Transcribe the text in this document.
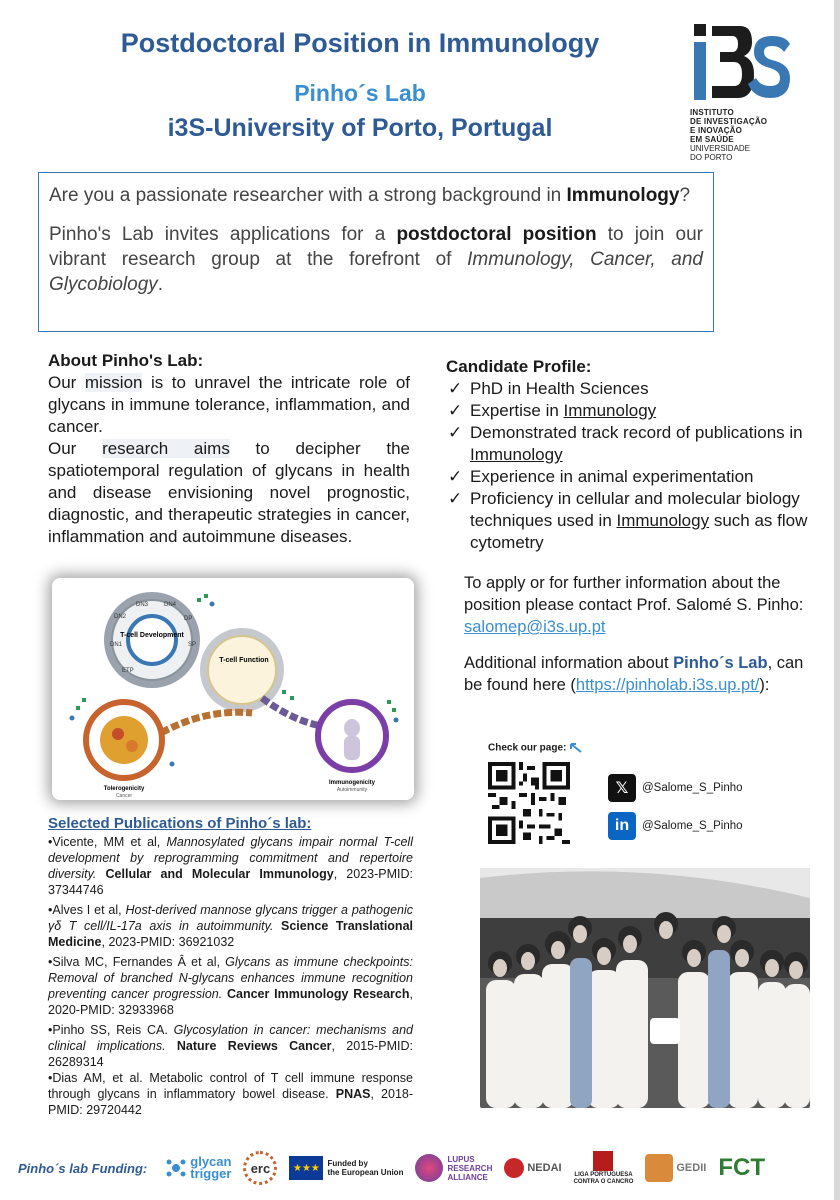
Postdoctoral Position in Immunology
Pinho´s Lab
i3S-University of Porto, Portugal
INSTITUTO
DE INVESTIGAÇÃO
E INOVAÇÃO
EM SAÚDE
UNIVERSIDADE
DO PORTO

Are you a passionate researcher with a strong background in Immunology?

Pinho's Lab invites applications for a postdoctoral position to join our vibrant research group at the forefront of Immunology, Cancer, and Glycobiology.

About Pinho's Lab:

Our mission is to unravel the intricate role of glycans in immune tolerance, inflammation, and cancer.

Our research aims to decipher the spatiotemporal regulation of glycans in health and disease envisioning novel prognostic, diagnostic, and therapeutic strategies in cancer, inflammation and autoimmune diseases.

T-cell Development
DN2
DN3	DN4
DP
SP
DN1
ETP
T-cell Function
Tolerogenicity
Cancer
Immunogenicity
Autoimmunity
Selected Publications of Pinho´s lab:

•Vicente, MM et al, Mannosylated glycans impair normal T-cell development by reprogramming commitment and repertoire diversity. Cellular and Molecular Immunology, 2023-PMID: 37344746

•Alves I et al, Host-derived mannose glycans trigger a pathogenic γδ T cell/IL-17a axis in autoimmunity. Science Translational Medicine, 2023-PMID: 36921032

•Silva MC, Fernandes Â et al, Glycans as immune checkpoints: Removal of branched N-glycans enhances immune recognition preventing cancer progression. Cancer Immunology Research, 2020-PMID: 32933968

•Pinho SS, Reis CA. Glycosylation in cancer: mechanisms and clinical implications. Nature Reviews Cancer, 2015-PMID: 26289314

•Dias AM, et al. Metabolic control of T cell immune response through glycans in inflammatory bowel disease. PNAS, 2018-PMID: 29720442

Candidate Profile:
✓ PhD in Health Sciences
✓ Expertise in Immunology
✓ Demonstrated track record of publications in Immunology
✓ Experience in animal experimentation
✓ Proficiency in cellular and molecular biology techniques used in Immunology such as flow cytometry

To apply or for further information about the position please contact Prof. Salomé S. Pinho: salomep@i3s.up.pt

Additional information about Pinho´s Lab, can be found here (https://pinholab.i3s.up.pt/):

Check our page:
𝕏	@Salome_S_Pinho
in	@Salome_S_Pinho
Pinho´s lab Funding:	glycan
trigger	erc	★★★ Funded by
the European Union
LUPUS
RESEARCH
ALLIANCE
NEDAI
LIGA PORTUGUESA
CONTRA O CANCRO
GEDII FCT
